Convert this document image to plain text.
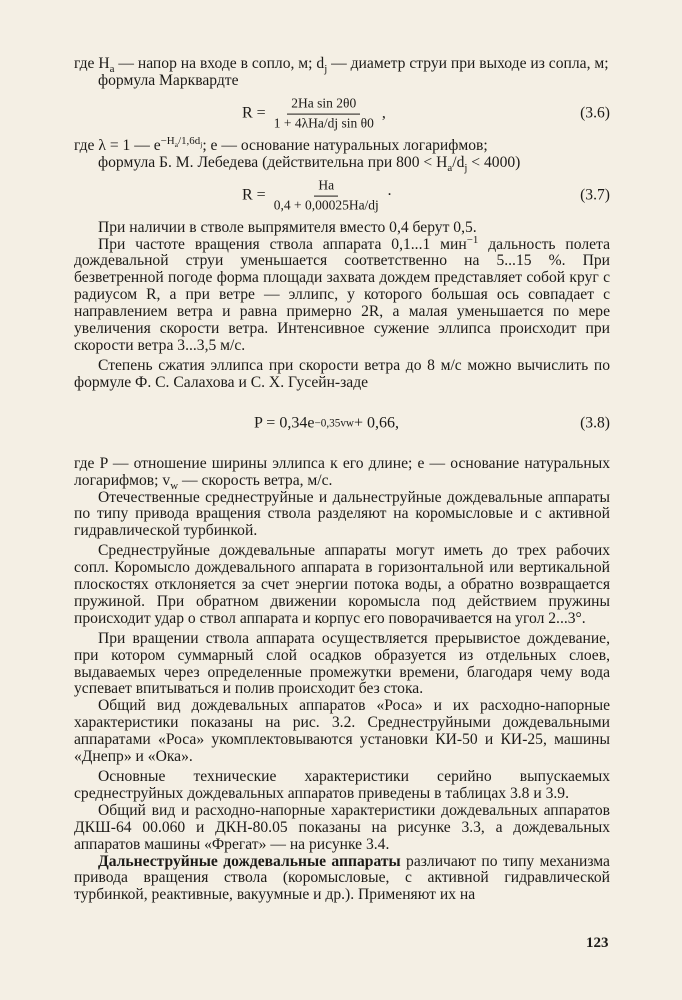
где $H_a$ — напор на входе в сопло, м; $d_j$ — диаметр струи при выходе из сопла, м;

формула Марквардте

$R = \frac{\text{2Ha sin 2θ0}}{\text{1 + 4λHa/dj sin θ0}}$ ,	(3.6)

где λ = 1 — $e^{-H_a/1,6d_j}$; e — основание натуральных логарифмов;

формула Б. М. Лебедева (действительна при $800 < H_a/d_j < 4000$)

$R = \frac{Ha}{0,4 + 0,00025Ha/dj}$ ·	(3.7)

При наличии в стволе выпрямителя вместо 0,4 берут 0,5.

При частоте вращения ствола аппарата 0,1...1 мин$^{-1}$ дальность полета дождевальной струи уменьшается соответственно на 5...15 %. При безветренной погоде форма площади захвата дождем представляет собой круг с радиусом R, а при ветре — эллипс, у которого большая ось совпадает с направлением ветра и равна примерно 2R, а малая уменьшается по мере увеличения скорости ветра. Интенсивное сужение эллипса происходит при скорости ветра 3...3,5 м/с.

Степень сжатия эллипса при скорости ветра до 8 м/с можно вычислить по формуле Ф. С. Салахова и С. Х. Гусейн-заде

P = 0,34e −0,35vw + 0,66,	(3.8)

где P — отношение ширины эллипса к его длине; e — основание натуральных логарифмов; $v_w$ — скорость ветра, м/с.

Отечественные среднеструйные и дальнеструйные дождевальные аппараты по типу привода вращения ствола разделяют на коромысловые и с активной гидравлической турбинкой.

Среднеструйные дождевальные аппараты могут иметь до трех рабочих сопл. Коромысло дождевального аппарата в горизонтальной или вертикальной плоскостях отклоняется за счет энергии потока воды, а обратно возвращается пружиной. При обратном движении коромысла под действием пружины происходит удар о ствол аппарата и корпус его поворачивается на угол 2...3°.

При вращении ствола аппарата осуществляется прерывистое дождевание, при котором суммарный слой осадков образуется из отдельных слоев, выдаваемых через определенные промежутки времени, благодаря чему вода успевает впитываться и полив происходит без стока.

Общий вид дождевальных аппаратов «Роса» и их расходно-напорные характеристики показаны на рис. 3.2. Среднеструйными дождевальными аппаратами «Роса» укомплектовываются установки КИ-50 и КИ-25, машины «Днепр» и «Ока».

Основные технические характеристики серийно выпускаемых среднеструйных дождевальных аппаратов приведены в таблицах 3.8 и 3.9.

Общий вид и расходно-напорные характеристики дождевальных аппаратов ДКШ-64 00.060 и ДКН-80.05 показаны на рисунке 3.3, а дождевальных аппаратов машины «Фрегат» — на рисунке 3.4.

Дальнеструйные дождевальные аппараты различают по типу механизма привода вращения ствола (коромысловые, с активной гидравлической турбинкой, реактивные, вакуумные и др.). Применяют их на

123
